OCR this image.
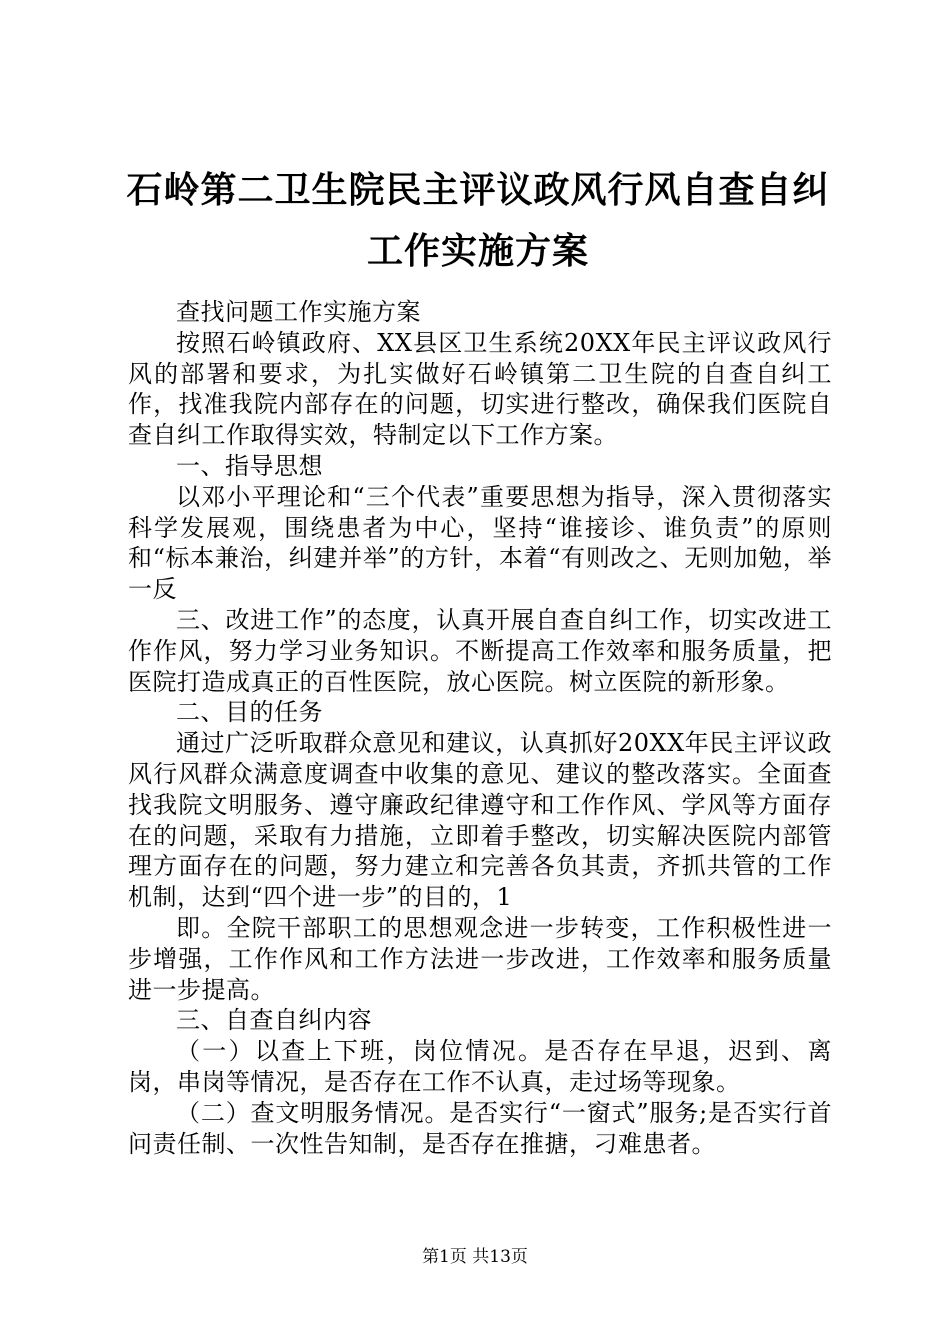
石岭第二卫生院民主评议政风行风自查自纠工作实施方案

查找问题工作实施方案

按照石岭镇政府、XX县区卫生系统20XX年民主评议政风行风的部署和要求，为扎实做好石岭镇第二卫生院的自查自纠工作，找准我院内部存在的问题，切实进行整改，确保我们医院自查自纠工作取得实效，特制定以下工作方案。

一、指导思想

以邓小平理论和“三个代表”重要思想为指导，深入贯彻落实科学发展观，围绕患者为中心，坚持“谁接诊、谁负责”的原则和“标本兼治，纠建并举”的方针，本着“有则改之、无则加勉，举一反

三、改进工作”的态度，认真开展自查自纠工作，切实改进工作作风，努力学习业务知识。不断提高工作效率和服务质量，把医院打造成真正的百性医院，放心医院。树立医院的新形象。

二、目的任务

通过广泛听取群众意见和建议，认真抓好20XX年民主评议政风行风群众满意度调查中收集的意见、建议的整改落实。全面查找我院文明服务、遵守廉政纪律遵守和工作作风、学风等方面存在的问题，采取有力措施，立即着手整改，切实解决医院内部管理方面存在的问题，努力建立和完善各负其责，齐抓共管的工作机制，达到“四个进一步”的目的，1

即。全院干部职工的思想观念进一步转变，工作积极性进一步增强，工作作风和工作方法进一步改进，工作效率和服务质量进一步提高。

三、自查自纠内容

（一）以查上下班，岗位情况。是否存在早退，迟到、离岗，串岗等情况，是否存在工作不认真，走过场等现象。

（二）查文明服务情况。是否实行“一窗式”服务;是否实行首问责任制、一次性告知制，是否存在推搪，刁难患者。

第1页 共13页
